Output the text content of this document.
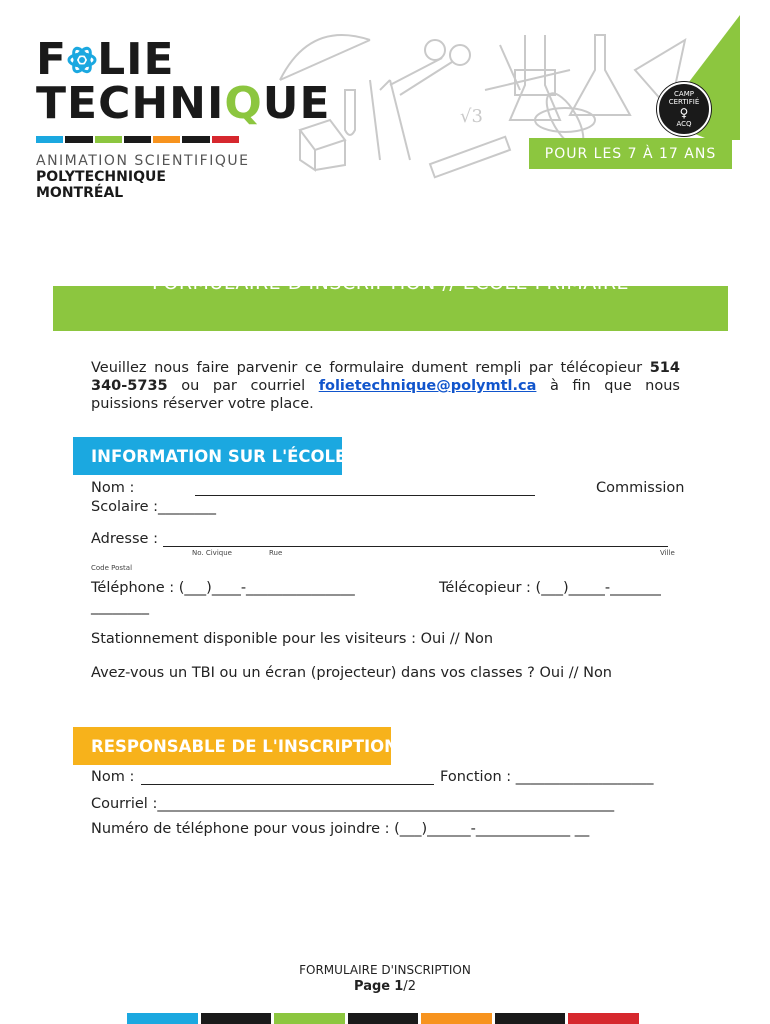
F LIE
TECHNIQUE
ANIMATION SCIENTIFIQUE
POLYTECHNIQUE MONTRÉAL
√3
POUR LES 7 À 17 ANS
CAMP CERTIFIÉ
♀
ACQ
FORMULAIRE D'INSCRIPTION // ÉCOLE PRIMAIRE
Veuillez nous faire parvenir ce formulaire dument rempli par télécopieur 514 340-5735 ou par courriel folietechnique@polymtl.ca à fin que nous puissions réserver votre place.
INFORMATION SUR L'ÉCOLE
Nom :	Commission
Scolaire :________
Adresse :
No. Civique	Rue	Ville
Code Postal
Téléphone : (___)____-_______________	Télécopieur : (___)_____-_______
________
Stationnement disponible pour les visiteurs : Oui // Non
Avez-vous un TBI ou un écran (projecteur) dans vos classes ? Oui // Non
RESPONSABLE DE L'INSCRIPTION
Nom :	Fonction : ___________________
Courriel :_______________________________________________________________
Numéro de téléphone pour vous joindre : (___)______-_____________ __
FORMULAIRE D'INSCRIPTION
Page 1/2
